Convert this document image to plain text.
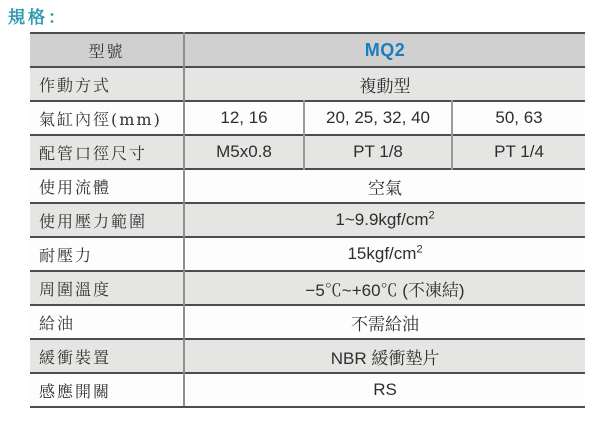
規格：
型號	MQ2		
作動方式	複動型		
氣缸內徑(mm)	12, 16	20, 25, 32, 40	50, 63
配管口徑尺寸	M5x0.8	PT 1/8	PT 1/4
使用流體	空氣		
使用壓力範圍	$1\sim 9.9kgf/cm^2$
耐壓力	$15kgf/cm^2$
周圍溫度	−5℃~+60℃ (不凍結)		
給油	不需給油		
緩衝裝置	NBR 緩衝墊片		
感應開關	RS		
